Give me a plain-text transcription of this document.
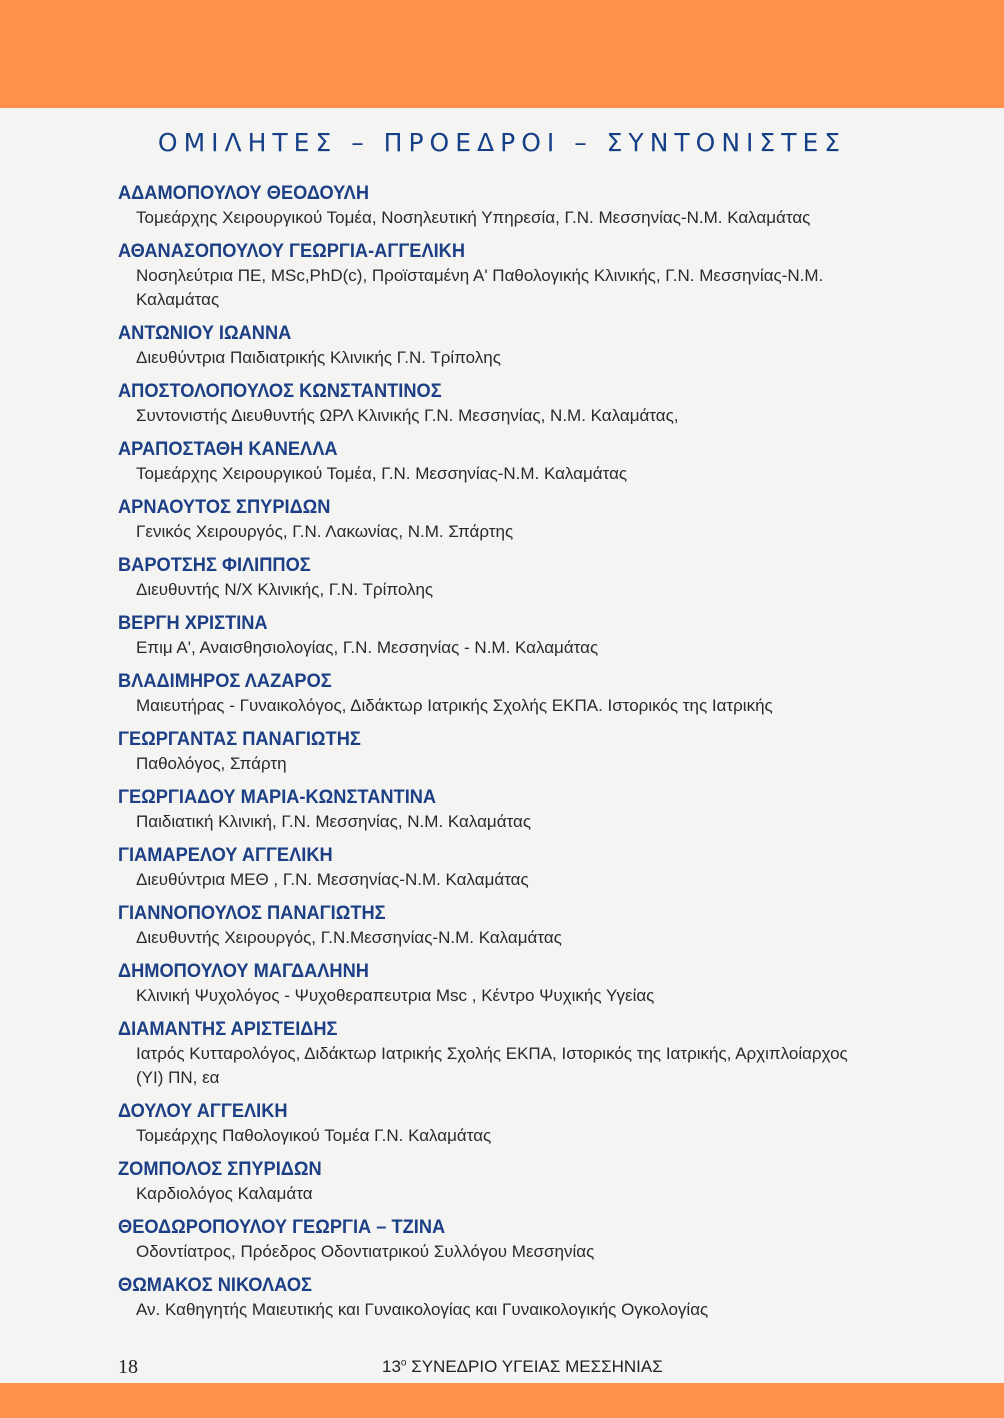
ΟΜΙΛΗΤΕΣ – ΠΡΟΕΔΡΟΙ – ΣΥΝΤΟΝΙΣΤΕΣ
ΑΔΑΜΟΠΟΥΛΟΥ ΘΕΟΔΟΥΛΗ
Τομεάρχης Χειρουργικού Τομέα, Νοσηλευτική Υπηρεσία, Γ.Ν. Μεσσηνίας-Ν.Μ. Καλαμάτας
ΑΘΑΝΑΣΟΠΟΥΛΟΥ ΓΕΩΡΓΙΑ-ΑΓΓΕΛΙΚΗ
Νοσηλεύτρια ΠΕ, MSc,PhD(c), Προϊσταμένη Α' Παθολογικής Κλινικής, Γ.Ν. Μεσσηνίας-Ν.Μ. Καλαμάτας
ΑΝΤΩΝΙΟΥ ΙΩΑΝΝΑ
Διευθύντρια Παιδιατρικής Κλινικής Γ.Ν. Τρίπολης
ΑΠΟΣΤΟΛΟΠΟΥΛΟΣ ΚΩΝΣΤΑΝΤΙΝΟΣ
Συντονιστής Διευθυντής ΩΡΛ Κλινικής Γ.Ν. Μεσσηνίας, Ν.Μ. Καλαμάτας,
ΑΡΑΠΟΣΤΑΘΗ ΚΑΝΕΛΛΑ
Τομεάρχης Χειρουργικού Τομέα, Γ.Ν. Μεσσηνίας-Ν.Μ. Καλαμάτας
ΑΡΝΑΟΥΤΟΣ ΣΠΥΡΙΔΩΝ
Γενικός Χειρουργός, Γ.Ν. Λακωνίας, Ν.Μ. Σπάρτης
ΒΑΡΟΤΣΗΣ ΦΙΛΙΠΠΟΣ
Διευθυντής Ν/Χ Κλινικής, Γ.Ν. Τρίπολης
ΒΕΡΓΗ ΧΡΙΣΤΙΝΑ
Επιμ Α', Αναισθησιολογίας, Γ.Ν. Μεσσηνίας - Ν.Μ. Καλαμάτας
ΒΛΑΔΙΜΗΡΟΣ ΛΑΖΑΡΟΣ
Μαιευτήρας - Γυναικολόγος, Διδάκτωρ Ιατρικής Σχολής ΕΚΠΑ. Ιστορικός της Ιατρικής
ΓΕΩΡΓΑΝΤΑΣ ΠΑΝΑΓΙΩΤΗΣ
Παθολόγος, Σπάρτη
ΓΕΩΡΓΙΑΔΟΥ ΜΑΡΙΑ-ΚΩΝΣΤΑΝΤΙΝΑ
Παιδιατική Κλινική, Γ.Ν. Μεσσηνίας, Ν.Μ. Καλαμάτας
ΓΙΑΜΑΡΕΛΟΥ ΑΓΓΕΛΙΚΗ
Διευθύντρια ΜΕΘ , Γ.Ν. Μεσσηνίας-Ν.Μ. Καλαμάτας
ΓΙΑΝΝΟΠΟΥΛΟΣ ΠΑΝΑΓΙΩΤΗΣ
Διευθυντής Χειρουργός, Γ.Ν.Μεσσηνίας-Ν.Μ. Καλαμάτας
ΔΗΜΟΠΟΥΛΟΥ ΜΑΓΔΑΛΗΝΗ
Κλινική Ψυχολόγος - Ψυχοθεραπευτρια Msc , Κέντρο Ψυχικής Υγείας
ΔΙΑΜΑΝΤΗΣ ΑΡΙΣΤΕΙΔΗΣ
Ιατρός Κυτταρολόγος, Διδάκτωρ Ιατρικής Σχολής ΕΚΠΑ, Ιστορικός της Ιατρικής, Αρχιπλοίαρχος (ΥΙ) ΠΝ, εα
ΔΟΥΛΟΥ ΑΓΓΕΛΙΚΗ
Τομεάρχης Παθολογικού Τομέα Γ.Ν. Καλαμάτας
ΖΟΜΠΟΛΟΣ ΣΠΥΡΙΔΩΝ
Καρδιολόγος Καλαμάτα
ΘΕΟΔΩΡΟΠΟΥΛΟΥ ΓΕΩΡΓΙΑ – ΤΖΙΝΑ
Οδοντίατρος, Πρόεδρος Οδοντιατρικού Συλλόγου Μεσσηνίας
ΘΩΜΑΚΟΣ ΝΙΚΟΛΑΟΣ
Αν. Καθηγητής Μαιευτικής και Γυναικολογίας και Γυναικολογικής Ογκολογίας
18	$13^o$ ΣΥΝΕΔΡΙΟ ΥΓΕΙΑΣ ΜΕΣΣΗΝΙΑΣ
